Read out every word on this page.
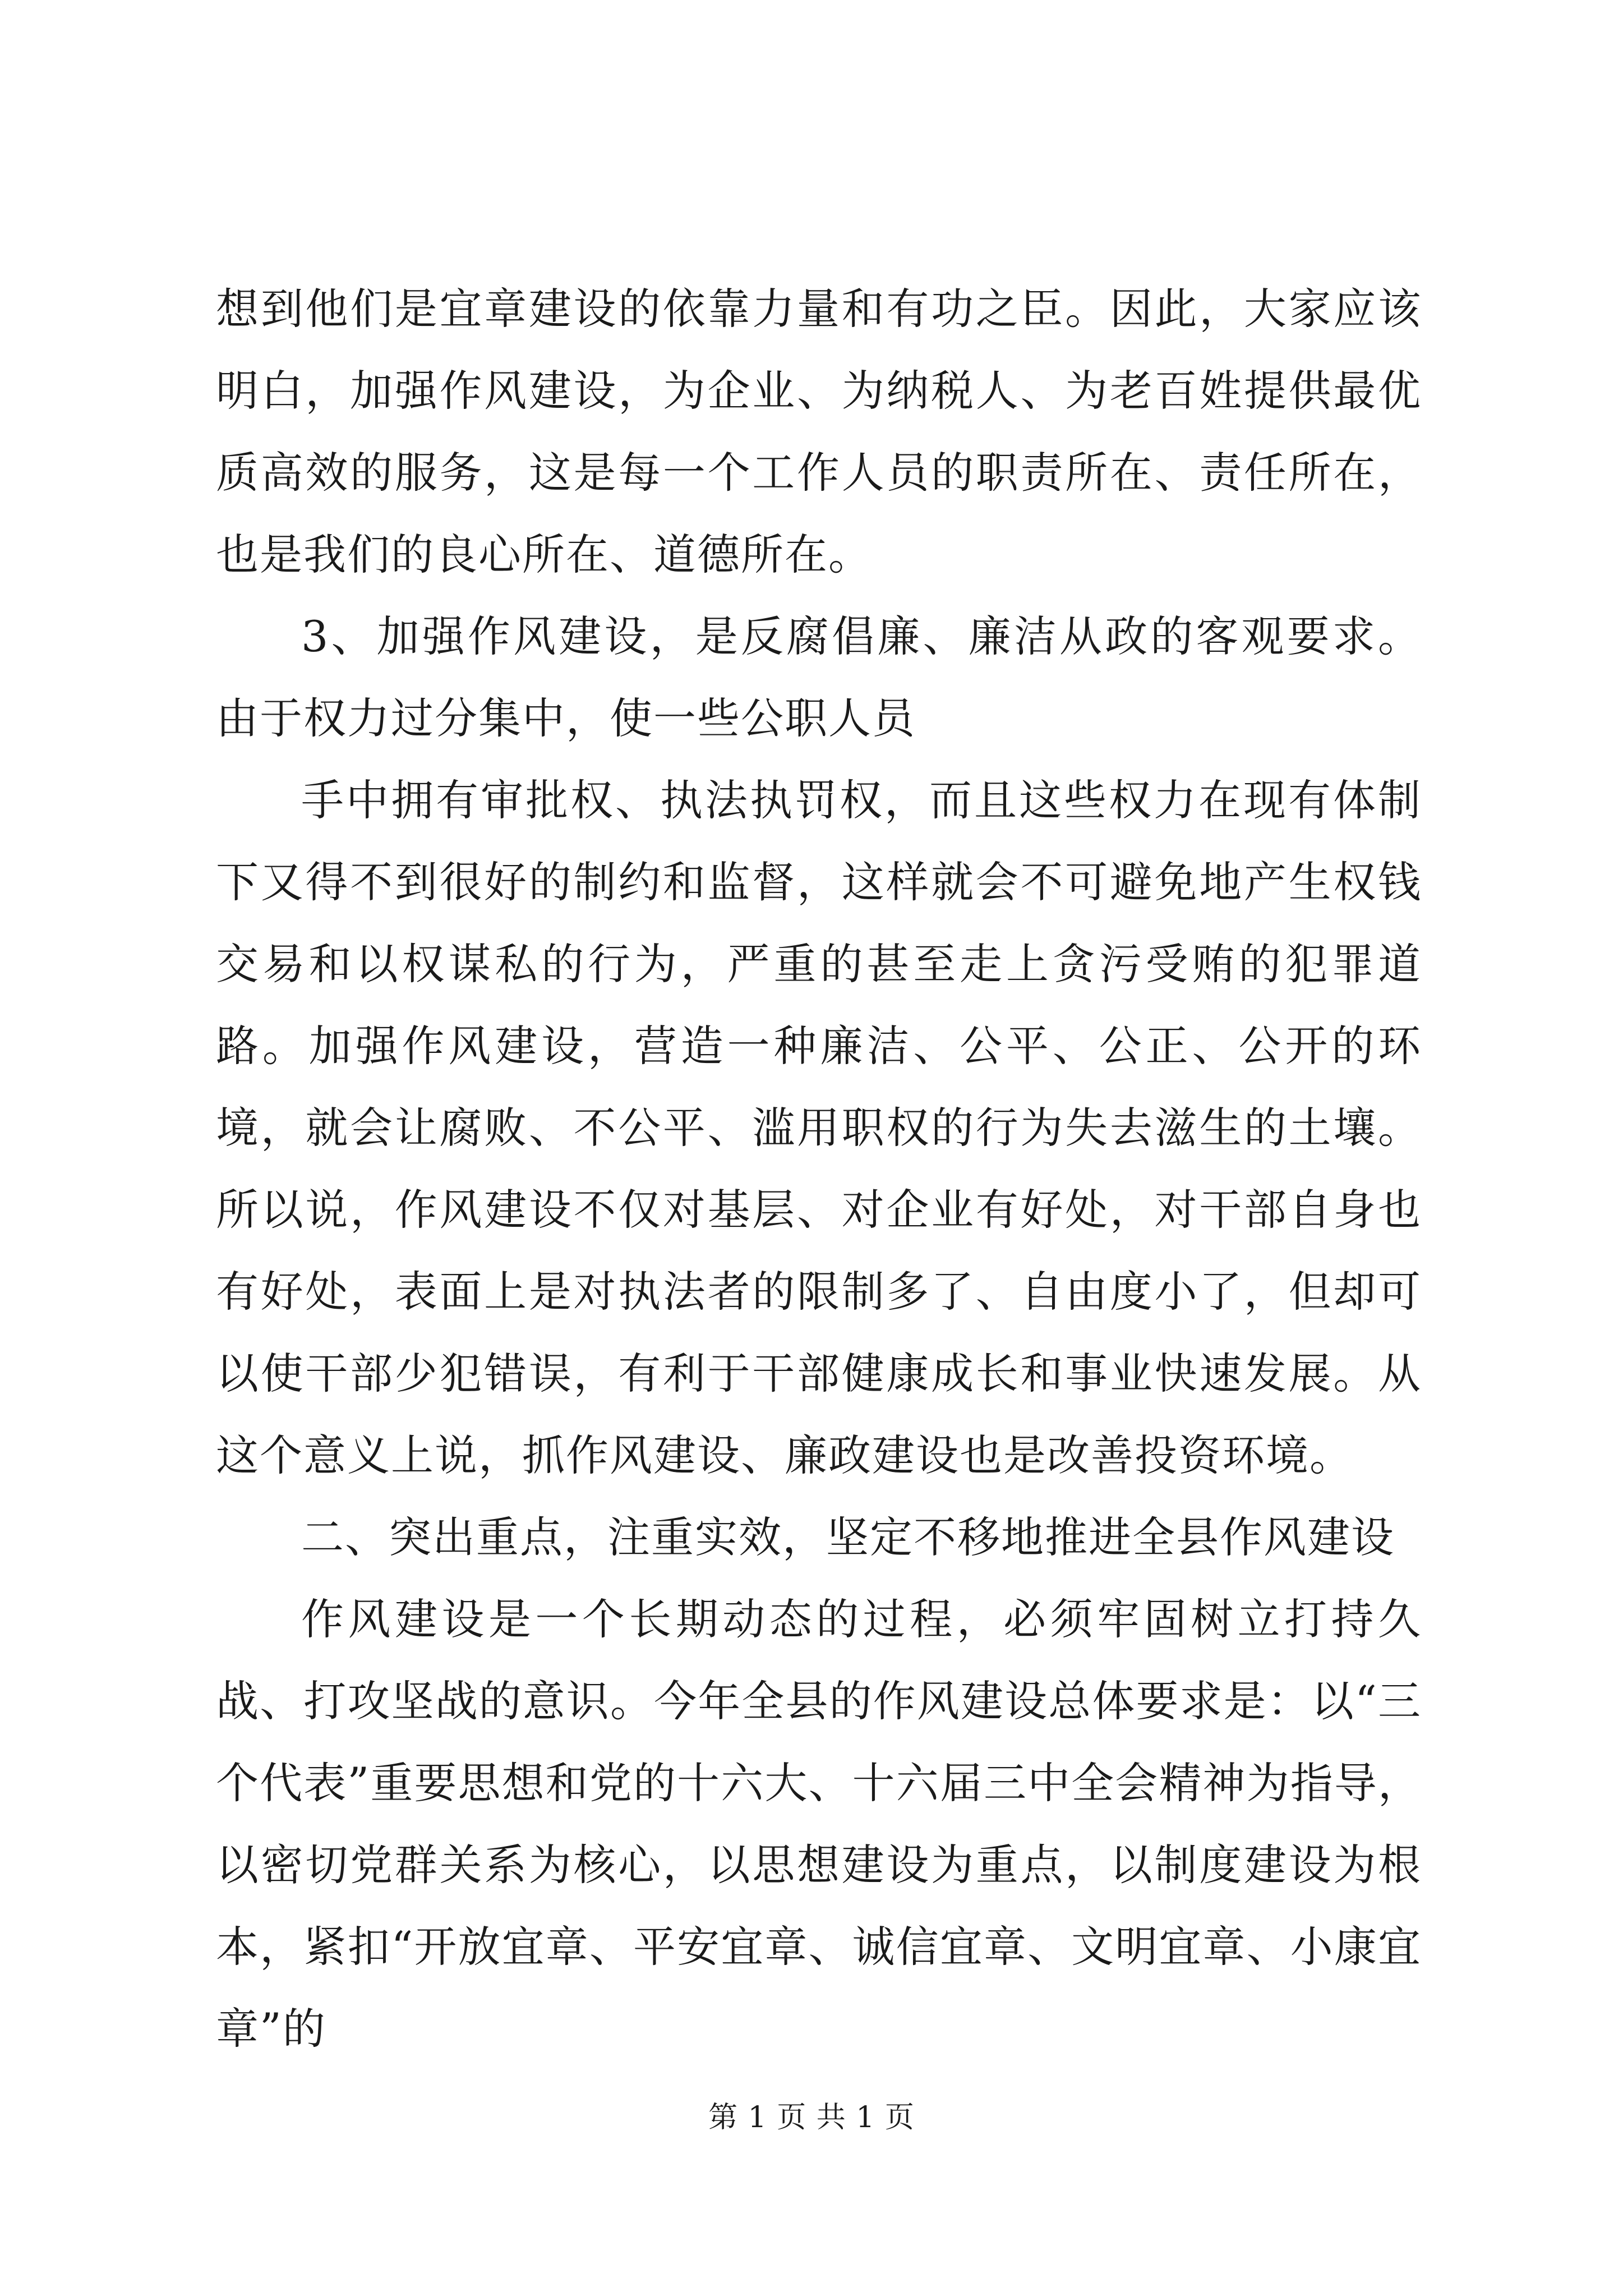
想到他们是宜章建设的依靠力量和有功之臣。因此，大家应该明白，加强作风建设，为企业、为纳税人、为老百姓提供最优质高效的服务，这是每一个工作人员的职责所在、责任所在，也是我们的良心所在、道德所在。

3、加强作风建设，是反腐倡廉、廉洁从政的客观要求。由于权力过分集中，使一些公职人员

手中拥有审批权、执法执罚权，而且这些权力在现有体制下又得不到很好的制约和监督，这样就会不可避免地产生权钱交易和以权谋私的行为，严重的甚至走上贪污受贿的犯罪道路。加强作风建设，营造一种廉洁、公平、公正、公开的环境，就会让腐败、不公平、滥用职权的行为失去滋生的土壤。所以说，作风建设不仅对基层、对企业有好处，对干部自身也有好处，表面上是对执法者的限制多了、自由度小了，但却可以使干部少犯错误，有利于干部健康成长和事业快速发展。从这个意义上说，抓作风建设、廉政建设也是改善投资环境。

二、突出重点，注重实效，坚定不移地推进全县作风建设

作风建设是一个长期动态的过程，必须牢固树立打持久战、打攻坚战的意识。今年全县的作风建设总体要求是：以“三个代表”重要思想和党的十六大、十六届三中全会精神为指导，以密切党群关系为核心，以思想建设为重点，以制度建设为根本，紧扣“开放宜章、平安宜章、诚信宜章、文明宜章、小康宜章”的

第 1 页 共 1 页
